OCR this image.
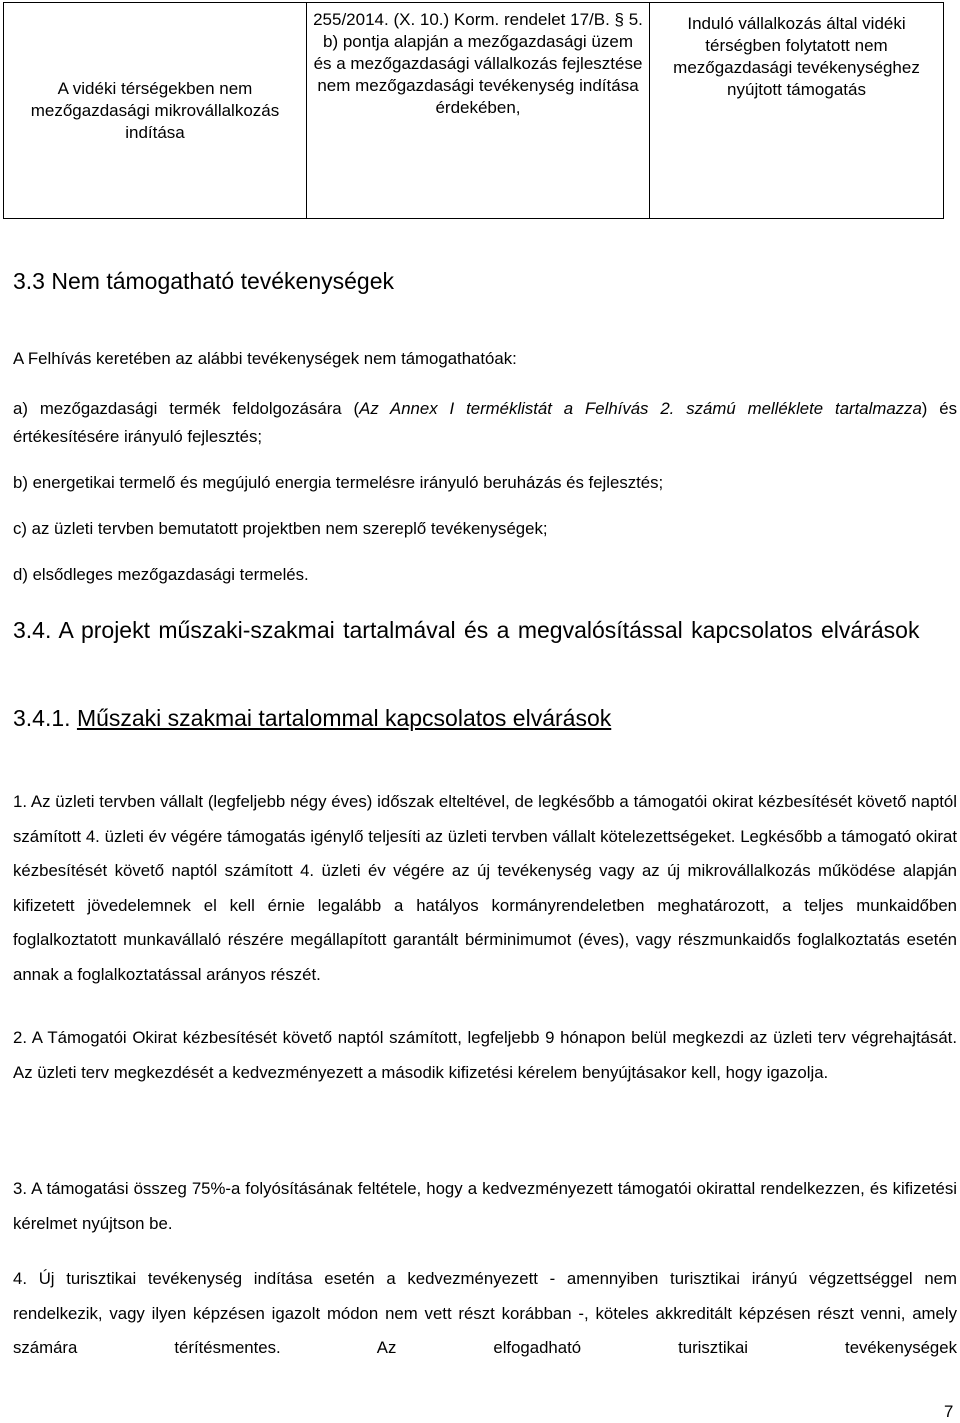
A vidéki térségekben nem mezőgazdasági mikrovállalkozás indítása	255/2014. (X. 10.) Korm. rendelet 17/B. § 5. b) pontja alapján a mezőgazdasági üzem és a mezőgazdasági vállalkozás fejlesztése nem mezőgazdasági tevékenység indítása érdekében,	Induló vállalkozás által vidéki térségben folytatott nem mezőgazdasági tevékenységhez nyújtott támogatás
3.3 Nem támogatható tevékenységek
A Felhívás keretében az alábbi tevékenységek nem támogathatóak:
a) mezőgazdasági termék feldolgozására (Az Annex I terméklistát a Felhívás 2. számú melléklete tartalmazza) és értékesítésére irányuló fejlesztés;
b) energetikai termelő és megújuló energia termelésre irányuló beruházás és fejlesztés;
c) az üzleti tervben bemutatott projektben nem szereplő tevékenységek;
d) elsődleges mezőgazdasági termelés.
3.4. A projekt műszaki-szakmai tartalmával és a megvalósítással kapcsolatos elvárások
3.4.1. Műszaki szakmai tartalommal kapcsolatos elvárások
1. Az üzleti tervben vállalt (legfeljebb négy éves) időszak elteltével, de legkésőbb a támogatói okirat kézbesítését követő naptól számított 4. üzleti év végére támogatás igénylő teljesíti az üzleti tervben vállalt kötelezettségeket. Legkésőbb a támogató okirat kézbesítését követő naptól számított 4. üzleti év végére az új tevékenység vagy az új mikrovállalkozás működése alapján kifizetett jövedelemnek el kell érnie legalább a hatályos kormányrendeletben meghatározott, a teljes munkaidőben foglalkoztatott munkavállaló részére megállapított garantált bérminimumot (éves), vagy részmunkaidős foglalkoztatás esetén annak a foglalkoztatással arányos részét.
2. A Támogatói Okirat kézbesítését követő naptól számított, legfeljebb 9 hónapon belül megkezdi az üzleti terv végrehajtását. Az üzleti terv megkezdését a kedvezményezett a második kifizetési kérelem benyújtásakor kell, hogy igazolja.
3. A támogatási összeg 75%-a folyósításának feltétele, hogy a kedvezményezett támogatói okirattal rendelkezzen, és kifizetési kérelmet nyújtson be.
4. Új turisztikai tevékenység indítása esetén a kedvezményezett - amennyiben turisztikai irányú végzettséggel nem rendelkezik, vagy ilyen képzésen igazolt módon nem vett részt korábban -, köteles akkreditált képzésen részt venni, amely számára térítésmentes. Az elfogadható turisztikai tevékenységek
7
